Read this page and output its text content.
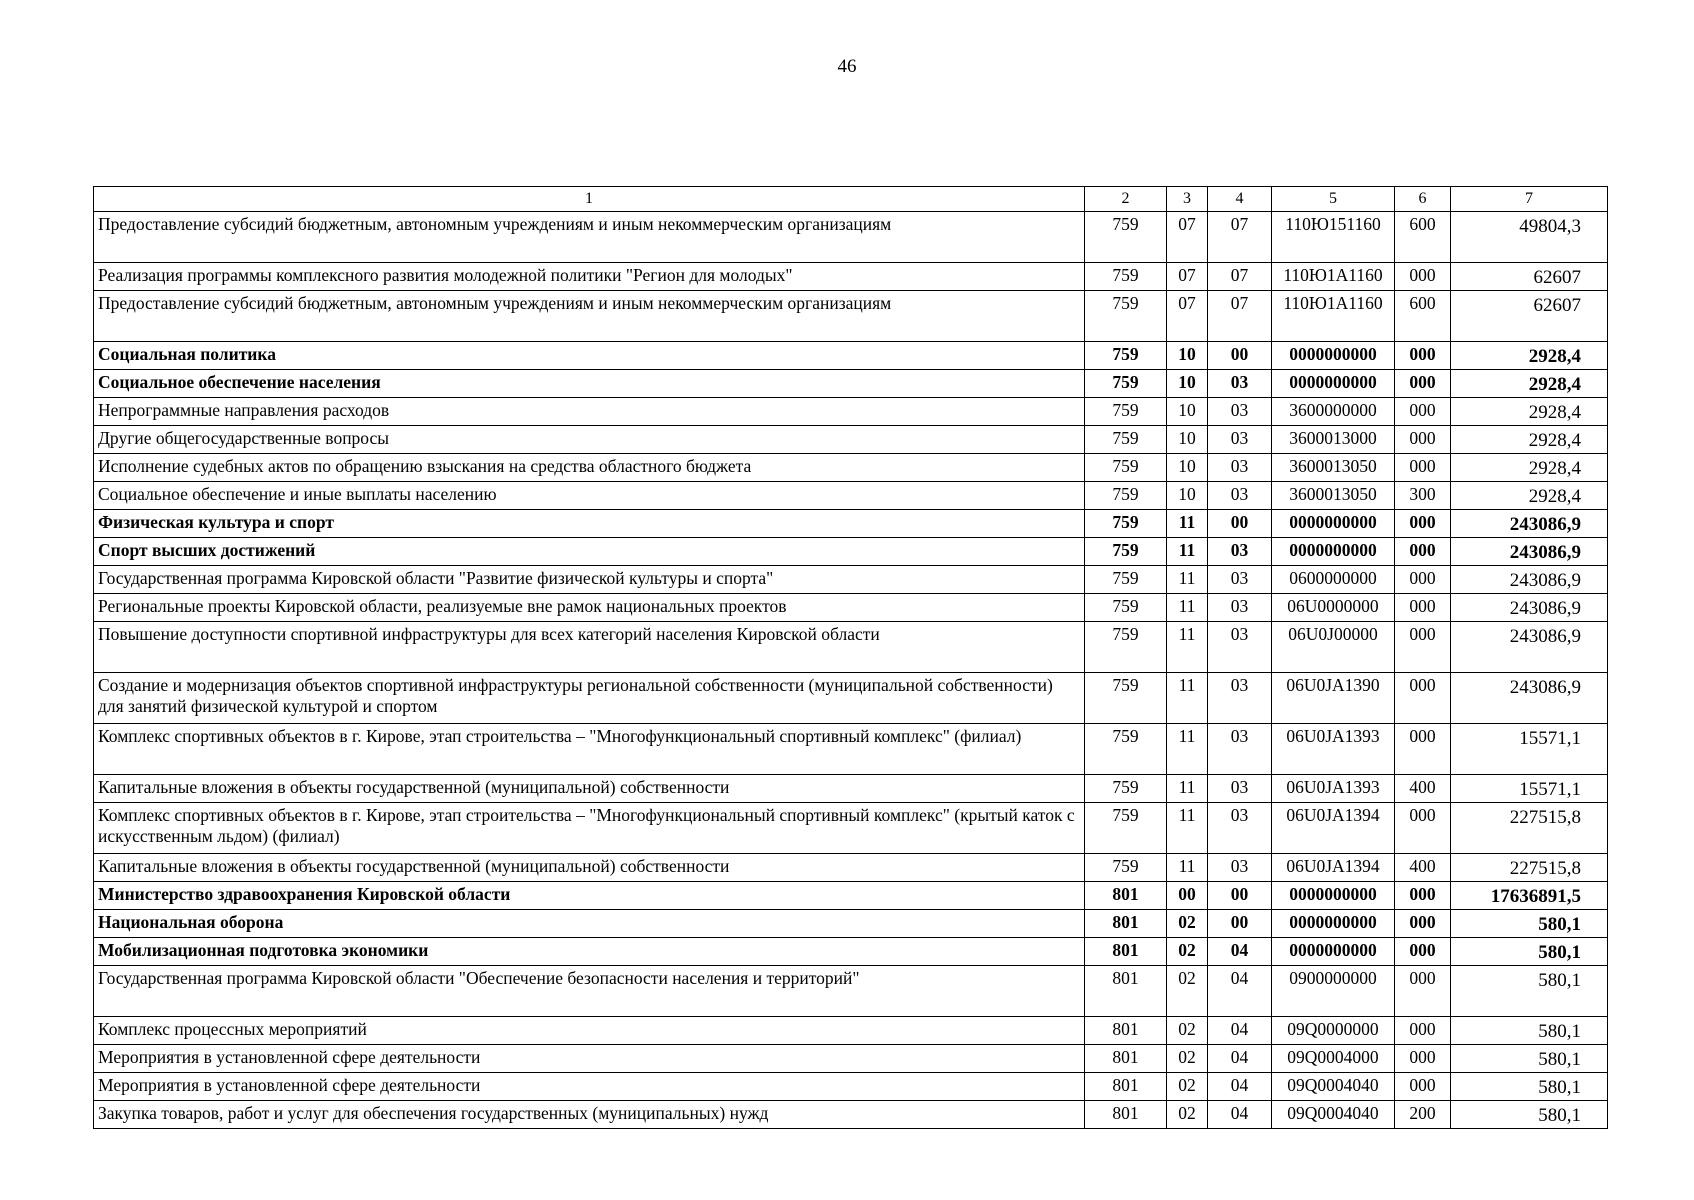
46
1	2	3	4	5	6	7
Предоставление субсидий бюджетным, автономным учреждениям и иным некоммерческим организациям	759	07	07	110Ю151160	600	49804,3
Реализация программы комплексного развития молодежной политики "Регион для молодых"	759	07	07	110Ю1А1160	000	62607
Предоставление субсидий бюджетным, автономным учреждениям и иным некоммерческим организациям	759	07	07	110Ю1А1160	600	62607
Социальная политика	759	10	00	0000000000	000	2928,4
Социальное обеспечение населения	759	10	03	0000000000	000	2928,4
Непрограммные направления расходов	759	10	03	3600000000	000	2928,4
Другие общегосударственные вопросы	759	10	03	3600013000	000	2928,4
Исполнение судебных актов по обращению взыскания на средства областного бюджета	759	10	03	3600013050	000	2928,4
Социальное обеспечение и иные выплаты населению	759	10	03	3600013050	300	2928,4
Физическая культура и спорт	759	11	00	0000000000	000	243086,9
Спорт высших достижений	759	11	03	0000000000	000	243086,9
Государственная программа Кировской области "Развитие физической культуры и спорта"	759	11	03	0600000000	000	243086,9
Региональные проекты Кировской области, реализуемые вне рамок национальных проектов	759	11	03	06U0000000	000	243086,9
Повышение доступности спортивной инфраструктуры для всех категорий населения Кировской области	759	11	03	06U0J00000	000	243086,9
Создание и модернизация объектов спортивной инфраструктуры региональной собственности (муниципальной собственности) для занятий физической культурой и спортом	759	11	03	06U0JA1390	000	243086,9
Комплекс спортивных объектов в г. Кирове, этап строительства – "Многофункциональный спортивный комплекс" (филиал)	759	11	03	06U0JA1393	000	15571,1
Капитальные вложения в объекты государственной (муниципальной) собственности	759	11	03	06U0JA1393	400	15571,1
Комплекс спортивных объектов в г. Кирове, этап строительства – "Многофункциональный спортивный комплекс" (крытый каток с искусственным льдом) (филиал)	759	11	03	06U0JA1394	000	227515,8
Капитальные вложения в объекты государственной (муниципальной) собственности	759	11	03	06U0JA1394	400	227515,8
Министерство здравоохранения Кировской области	801	00	00	0000000000	000	17636891,5
Национальная оборона	801	02	00	0000000000	000	580,1
Мобилизационная подготовка экономики	801	02	04	0000000000	000	580,1
Государственная программа Кировской области "Обеспечение безопасности населения и территорий"	801	02	04	0900000000	000	580,1
Комплекс процессных мероприятий	801	02	04	09Q0000000	000	580,1
Мероприятия в установленной сфере деятельности	801	02	04	09Q0004000	000	580,1
Мероприятия в установленной сфере деятельности	801	02	04	09Q0004040	000	580,1
Закупка товаров, работ и услуг для обеспечения государственных (муниципальных) нужд	801	02	04	09Q0004040	200	580,1
